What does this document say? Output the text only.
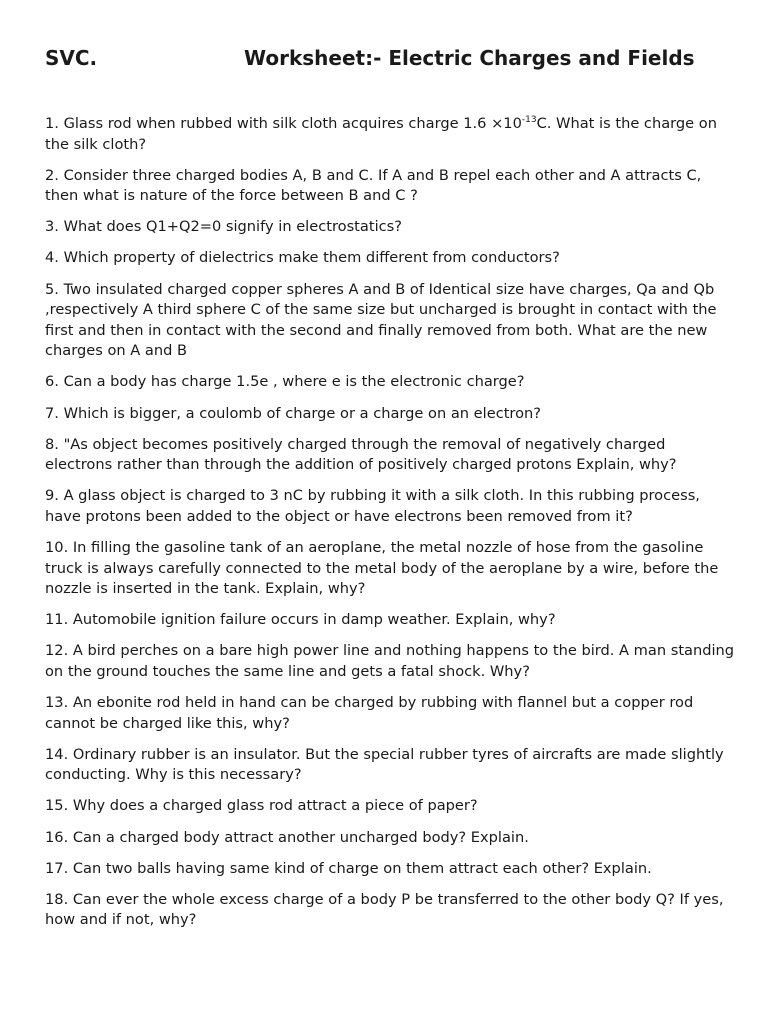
SVC.	Worksheet:- Electric Charges and Fields

1. Glass rod when rubbed with silk cloth acquires charge $1.6 \times 10^{-13}C$. What is the charge on the silk cloth?

2. Consider three charged bodies A, B and C. If A and B repel each other and A attracts C, then what is nature of the force between B and C ?

3. What does Q1+Q2=0 signify in electrostatics?

4. Which property of dielectrics make them different from conductors?

5. Two insulated charged copper spheres A and B of Identical size have charges, Qa and Qb ,respectively A third sphere C of the same size but uncharged is brought in contact with the first and then in contact with the second and finally removed from both. What are the new charges on A and B

6. Can a body has charge 1.5e , where e is the electronic charge?

7. Which is bigger, a coulomb of charge or a charge on an electron?

8. "As object becomes positively charged through the removal of negatively charged electrons rather than through the addition of positively charged protons Explain, why?

9. A glass object is charged to 3 nC by rubbing it with a silk cloth. In this rubbing process, have protons been added to the object or have electrons been removed from it?

10. In filling the gasoline tank of an aeroplane, the metal nozzle of hose from the gasoline truck is always carefully connected to the metal body of the aeroplane by a wire, before the nozzle is inserted in the tank. Explain, why?

11. Automobile ignition failure occurs in damp weather. Explain, why?

12. A bird perches on a bare high power line and nothing happens to the bird. A man standing on the ground touches the same line and gets a fatal shock. Why?

13. An ebonite rod held in hand can be charged by rubbing with flannel but a copper rod cannot be charged like this, why?

14. Ordinary rubber is an insulator. But the special rubber tyres of aircrafts are made slightly conducting. Why is this necessary?

15. Why does a charged glass rod attract a piece of paper?

16. Can a charged body attract another uncharged body? Explain.

17. Can two balls having same kind of charge on them attract each other? Explain.

18. Can ever the whole excess charge of a body P be transferred to the other body Q? If yes, how and if not, why?
